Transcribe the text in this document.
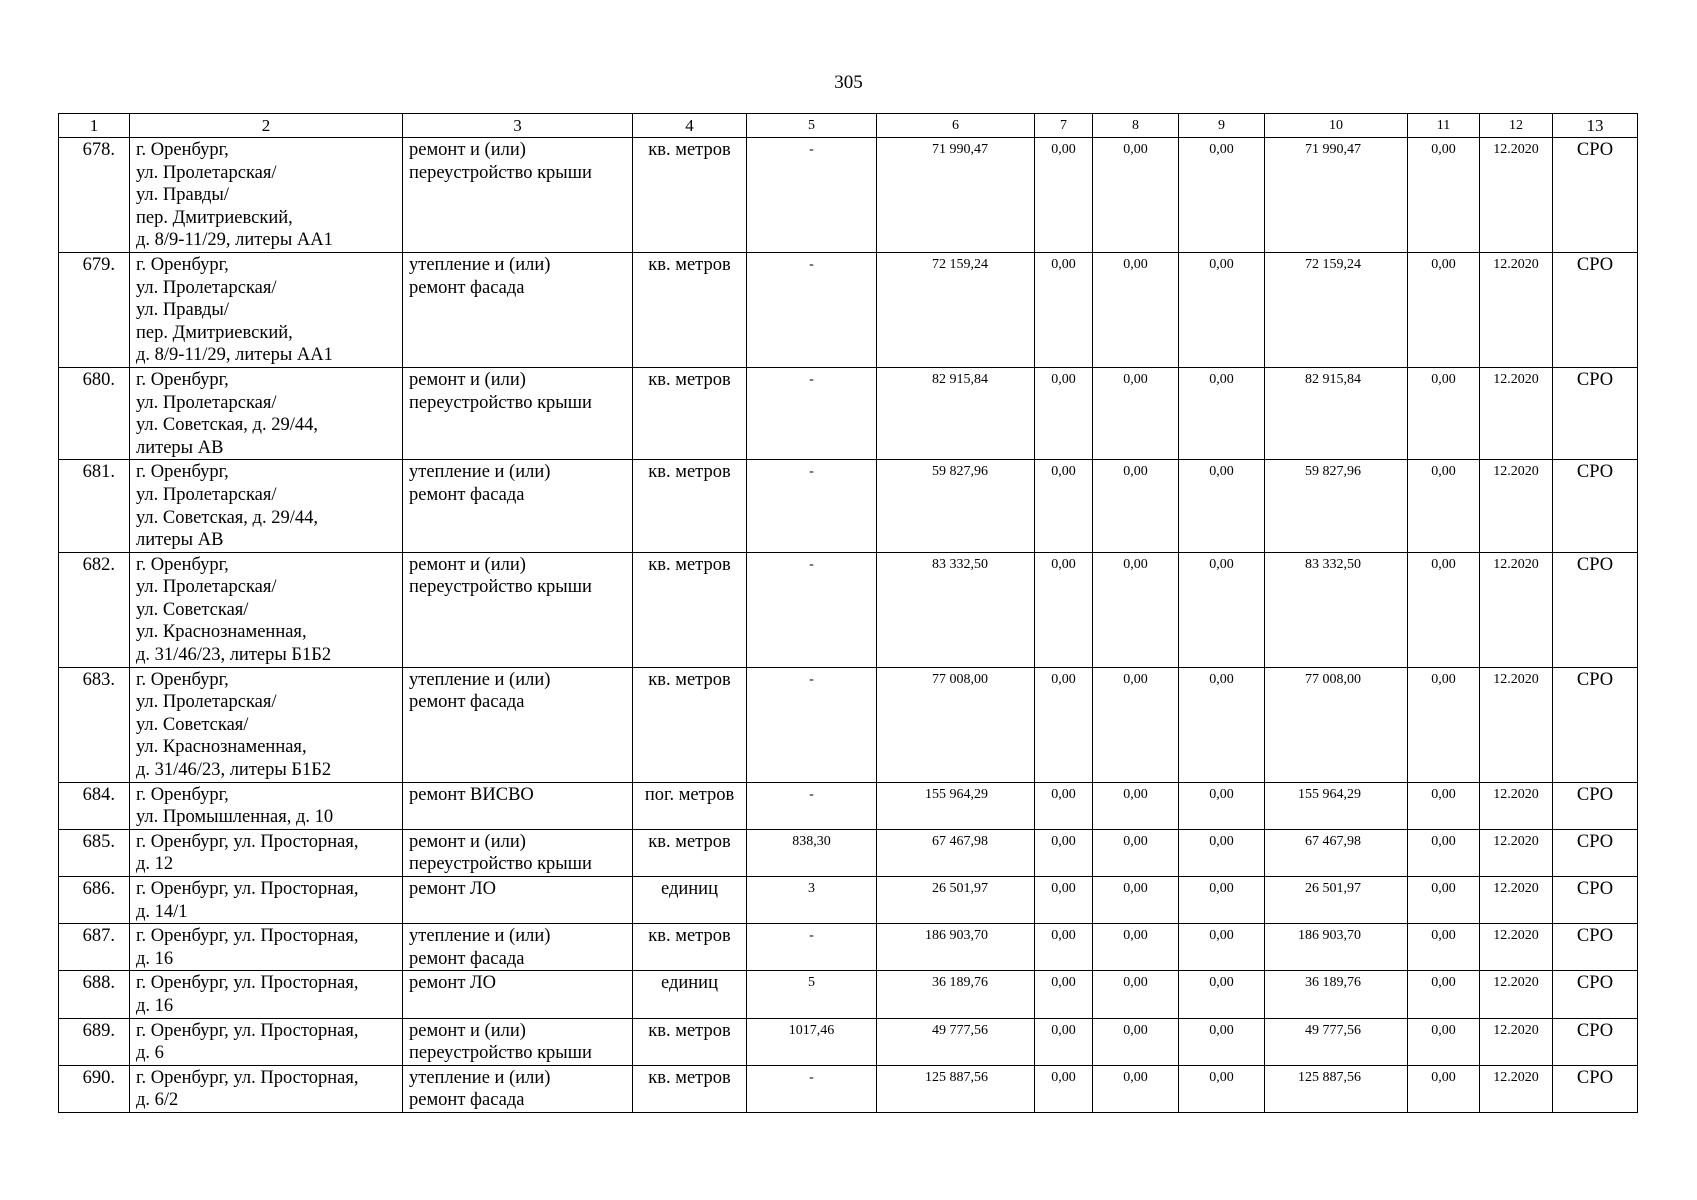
305
1	2	3	4	5	6	7	8	9	10	11	12	13

678.	г. Оренбург,
ул. Пролетарская/
ул. Правды/
пер. Дмитриевский,
д. 8/9-11/29, литеры АА1	ремонт и (или)
переустройство крыши	кв. метров	-	71 990,47	0,00	0,00	0,00	71 990,47	0,00	12.2020	СРО

679.	г. Оренбург,
ул. Пролетарская/
ул. Правды/
пер. Дмитриевский,
д. 8/9-11/29, литеры АА1	утепление и (или)
ремонт фасада	кв. метров	-	72 159,24	0,00	0,00	0,00	72 159,24	0,00	12.2020	СРО

680.	г. Оренбург,
ул. Пролетарская/
ул. Советская, д. 29/44,
литеры АВ	ремонт и (или)
переустройство крыши	кв. метров	-	82 915,84	0,00	0,00	0,00	82 915,84	0,00	12.2020	СРО

681.	г. Оренбург,
ул. Пролетарская/
ул. Советская, д. 29/44,
литеры АВ	утепление и (или)
ремонт фасада	кв. метров	-	59 827,96	0,00	0,00	0,00	59 827,96	0,00	12.2020	СРО

682.	г. Оренбург,
ул. Пролетарская/
ул. Советская/
ул. Краснознаменная,
д. 31/46/23, литеры Б1Б2	ремонт и (или)
переустройство крыши	кв. метров	-	83 332,50	0,00	0,00	0,00	83 332,50	0,00	12.2020	СРО

683.	г. Оренбург,
ул. Пролетарская/
ул. Советская/
ул. Краснознаменная,
д. 31/46/23, литеры Б1Б2	утепление и (или)
ремонт фасада	кв. метров	-	77 008,00	0,00	0,00	0,00	77 008,00	0,00	12.2020	СРО

684.	г. Оренбург,
ул. Промышленная, д. 10	ремонт ВИСВО	пог. метров	-	155 964,29	0,00	0,00	0,00	155 964,29	0,00	12.2020	СРО

685.	г. Оренбург, ул. Просторная,
д. 12	ремонт и (или)
переустройство крыши	кв. метров	838,30	67 467,98	0,00	0,00	0,00	67 467,98	0,00	12.2020	СРО

686.	г. Оренбург, ул. Просторная,
д. 14/1	ремонт ЛО	единиц	3	26 501,97	0,00	0,00	0,00	26 501,97	0,00	12.2020	СРО

687.	г. Оренбург, ул. Просторная,
д. 16	утепление и (или)
ремонт фасада	кв. метров	-	186 903,70	0,00	0,00	0,00	186 903,70	0,00	12.2020	СРО

688.	г. Оренбург, ул. Просторная,
д. 16	ремонт ЛО	единиц	5	36 189,76	0,00	0,00	0,00	36 189,76	0,00	12.2020	СРО

689.	г. Оренбург, ул. Просторная,
д. 6	ремонт и (или)
переустройство крыши	кв. метров	1017,46	49 777,56	0,00	0,00	0,00	49 777,56	0,00	12.2020	СРО

690.	г. Оренбург, ул. Просторная,
д. 6/2	утепление и (или)
ремонт фасада	кв. метров	-	125 887,56	0,00	0,00	0,00	125 887,56	0,00	12.2020	СРО
